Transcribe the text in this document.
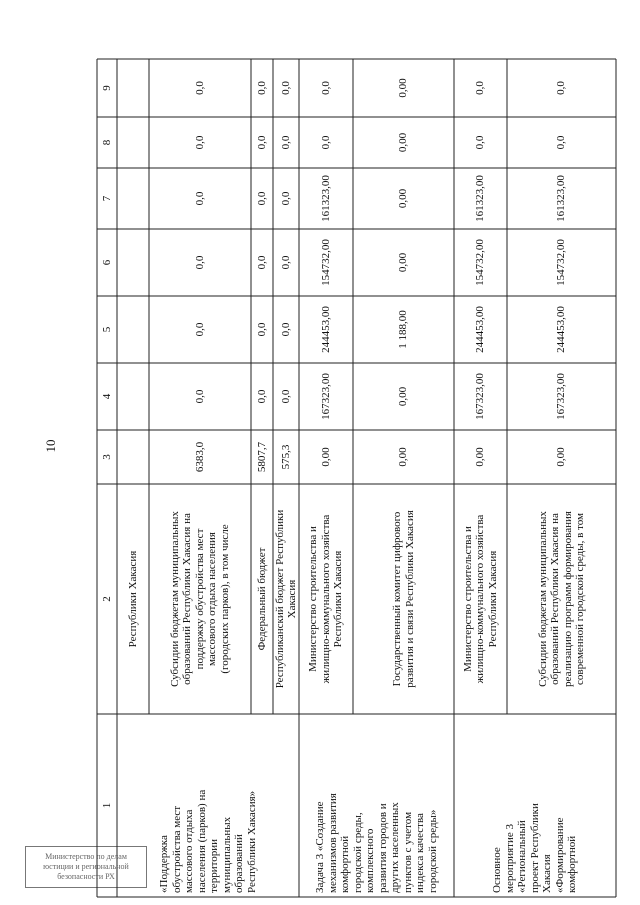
10
Министерство по делам
юстиции и региональной
безопасности РХ
1
2
3
4
5
6
7
8
9
«Поддержка
обустройства мест
массового отдыха
населения (парков) на
территории
муниципальных
образований
Республики Хакасия»
Республики Хакасия
Субсидии бюджетам муниципальных
образований Республики Хакасия на
поддержку обустройства мест
массового отдыха населения
(городских парков), в том числе
6383,0
0,0
0,0
0,0
0,0
0,0
0,0
Федеральный бюджет
5807,7
0,0
0,0
0,0
0,0
0,0
0,0
Республиканский бюджет Республики
Хакасия
575,3
0,0
0,0
0,0
0,0
0,0
0,0
Задача 3 «Создание
механизмов развития
комфортной
городской среды,
комплексного
развития городов и
других населенных
пунктов с учетом
индекса качества
городской среды»
Министерство строительства и
жилищно-коммунального хозяйства
Республики Хакасия
0,00
167323,00
244453,00
154732,00
161323,00
0,0
0,0
Государственный комитет цифрового
развития и связи Республики Хакасия
0,00
0,00
1 188,00
0,00
0,00
0,00
0,00
Основное
мероприятие 3
«Региональный
проект Республики
Хакасия
«Формирование
комфортной
Министерство строительства и
жилищно-коммунального хозяйства
Республики Хакасия
0,00
167323,00
244453,00
154732,00
161323,00
0,0
0,0
Субсидии бюджетам муниципальных
образований Республики Хакасия на
реализацию программ формирования
современной городской среды, в том
0,00
167323,00
244453,00
154732,00
161323,00
0,0
0,0
